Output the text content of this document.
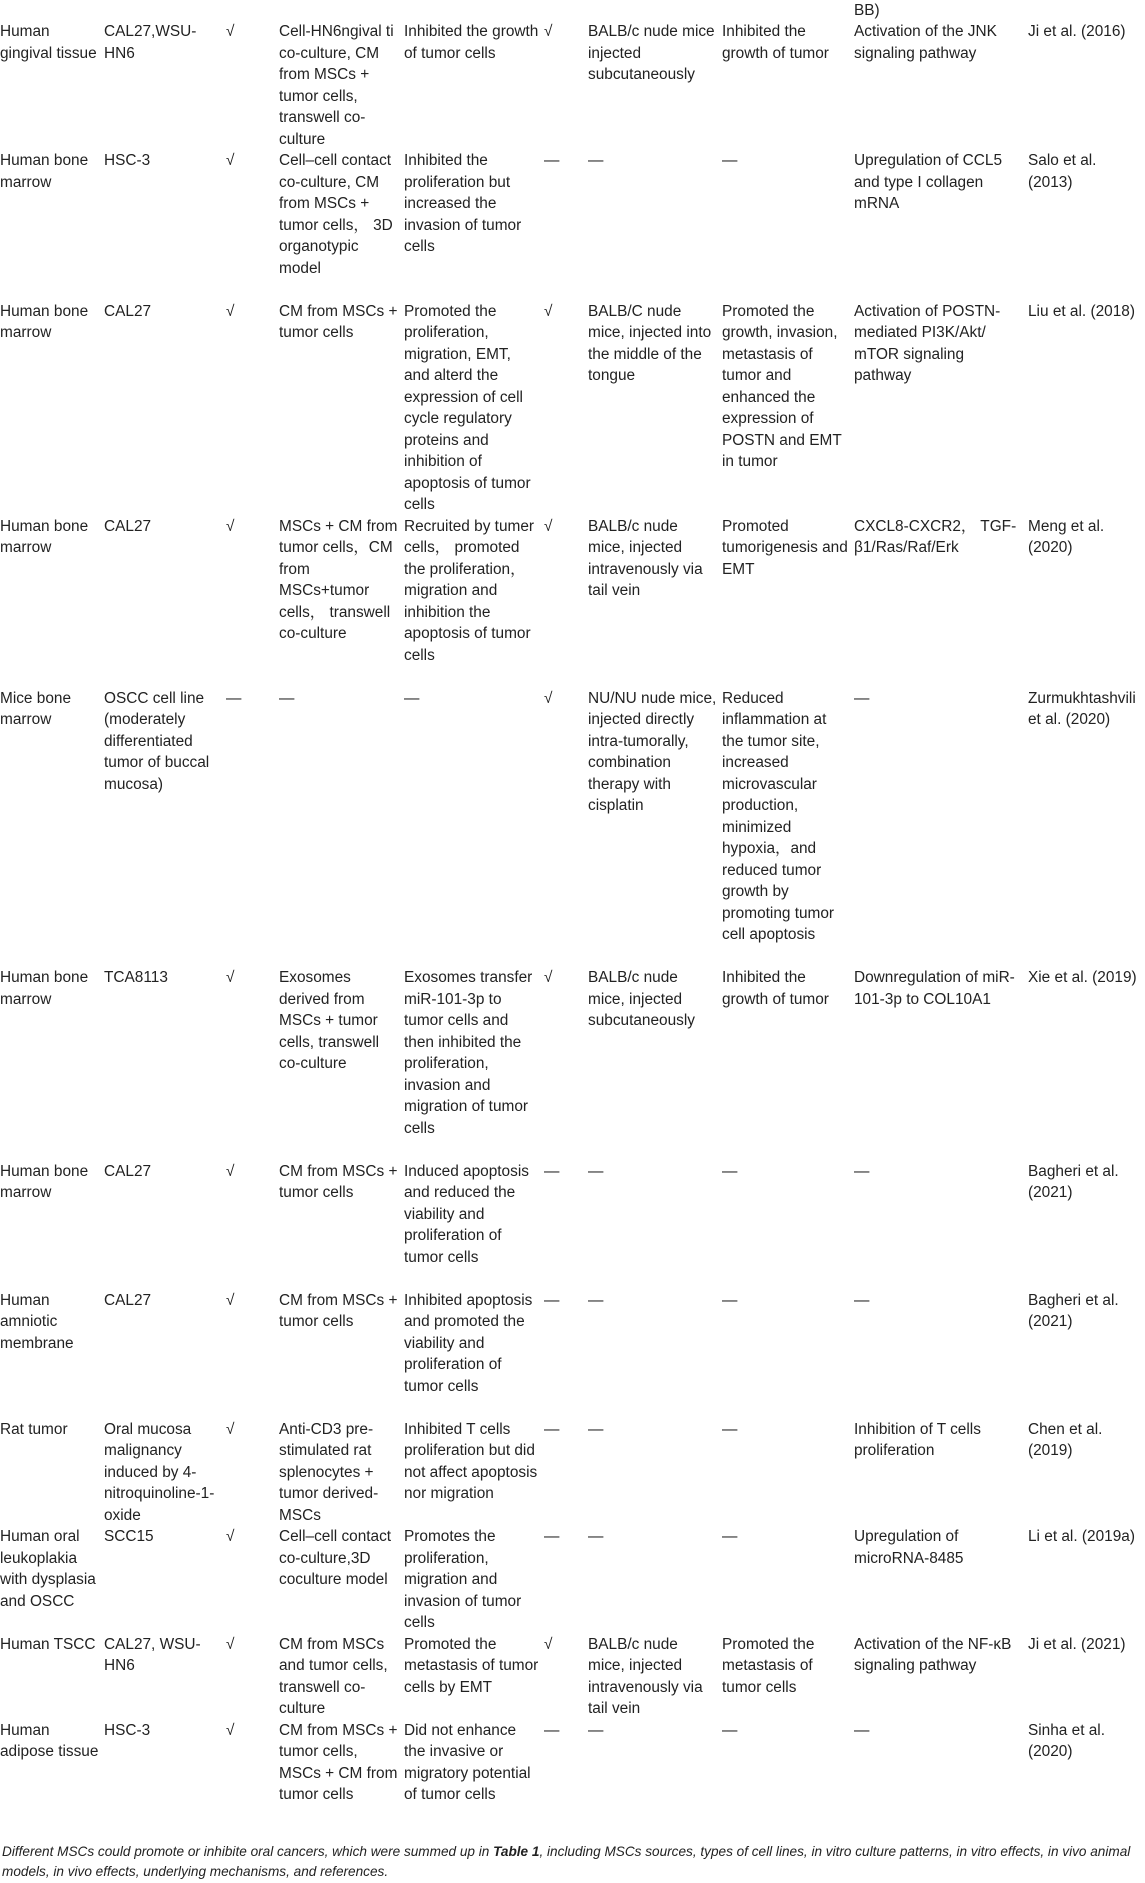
								BB)	
Human gingival tissue	CAL27,WSU-HN6	√	Cell-HN6ngival ti co-culture, CM from MSCs + tumor cells, transwell co-culture	Inhibited the growth of tumor cells	√	BALB/c nude mice injected subcutaneously	Inhibited the growth of tumor	Activation of the JNK signaling pathway	Ji et al. (2016)
Human bone marrow	HSC-3	√	Cell–cell contact co-culture, CM from MSCs + tumor cells， 3D organotypic model	Inhibited the proliferation but increased the invasion of tumor cells	—	—	—	Upregulation of CCL5 and type I collagen mRNA	Salo et al. (2013)
Human bone marrow	CAL27	√	CM from MSCs + tumor cells	Promoted the proliferation, migration, EMT, and alterd the expression of cell cycle regulatory proteins and inhibition of apoptosis of tumor cells	√	BALB/C nude mice, injected into the middle of the tongue	Promoted the growth, invasion, metastasis of tumor and enhanced the expression of POSTN and EMT in tumor	Activation of POSTN-mediated PI3K/Akt/ mTOR signaling pathway	Liu et al. (2018)
Human bone marrow	CAL27	√	MSCs + CM from tumor cells，CM from MSCs+tumor cells， transwell co-culture	Recruited by tumer cells， promoted the proliferation， migration and inhibition the apoptosis of tumor cells	√	BALB/c nude mice, injected intravenously via tail vein	Promoted tumorigenesis and EMT	CXCL8-CXCR2， TGF-β1/Ras/Raf/Erk	Meng et al. (2020)
Mice bone marrow	OSCC cell line (moderately differentiated tumor of buccal mucosa)	—	—	—	√	NU/NU nude mice, injected directly intra-tumorally, combination therapy with cisplatin	Reduced inflammation at the tumor site, increased microvascular production, minimized hypoxia，and reduced tumor growth by promoting tumor cell apoptosis	—	Zurmukhtashvili et al. (2020)
Human bone marrow	TCA8113	√	Exosomes derived from MSCs + tumor cells, transwell co-culture	Exosomes transfer miR-101-3p to tumor cells and then inhibited the proliferation, invasion and migration of tumor cells	√	BALB/c nude mice, injected subcutaneously	Inhibited the growth of tumor	Downregulation of miR-101-3p to COL10A1	Xie et al. (2019)
Human bone marrow	CAL27	√	CM from MSCs + tumor cells	Induced apoptosis and reduced the viability and proliferation of tumor cells	—	—	—	—	Bagheri et al. (2021)
Human amniotic membrane	CAL27	√	CM from MSCs + tumor cells	Inhibited apoptosis and promoted the viability and proliferation of tumor cells	—	—	—	—	Bagheri et al. (2021)
Rat tumor	Oral mucosa malignancy induced by 4-nitroquinoline-1-oxide	√	Anti-CD3 pre-stimulated rat splenocytes + tumor derived-MSCs	Inhibited T cells proliferation but did not affect apoptosis nor migration	—	—	—	Inhibition of T cells proliferation	Chen et al. (2019)
Human oral leukoplakia with dysplasia and OSCC	SCC15	√	Cell–cell contact co-culture,3D coculture model	Promotes the proliferation, migration and invasion of tumor cells	—	—	—	Upregulation of microRNA-8485	Li et al. (2019a)
Human TSCC	CAL27, WSU-HN6	√	CM from MSCs and tumor cells, transwell co-culture	Promoted the metastasis of tumor cells by EMT	√	BALB/c nude mice, injected intravenously via tail vein	Promoted the metastasis of tumor cells	Activation of the NF-κB signaling pathway	Ji et al. (2021)
Human adipose tissue	HSC-3	√	CM from MSCs + tumor cells, MSCs + CM from tumor cells	Did not enhance the invasive or migratory potential of tumor cells	—	—	—	—	Sinha et al. (2020)
Different MSCs could promote or inhibite oral cancers, which were summed up in Table 1, including MSCs sources, types of cell lines, in vitro culture patterns, in vitro effects, in vivo animal models, in vivo effects, underlying mechanisms, and references.
